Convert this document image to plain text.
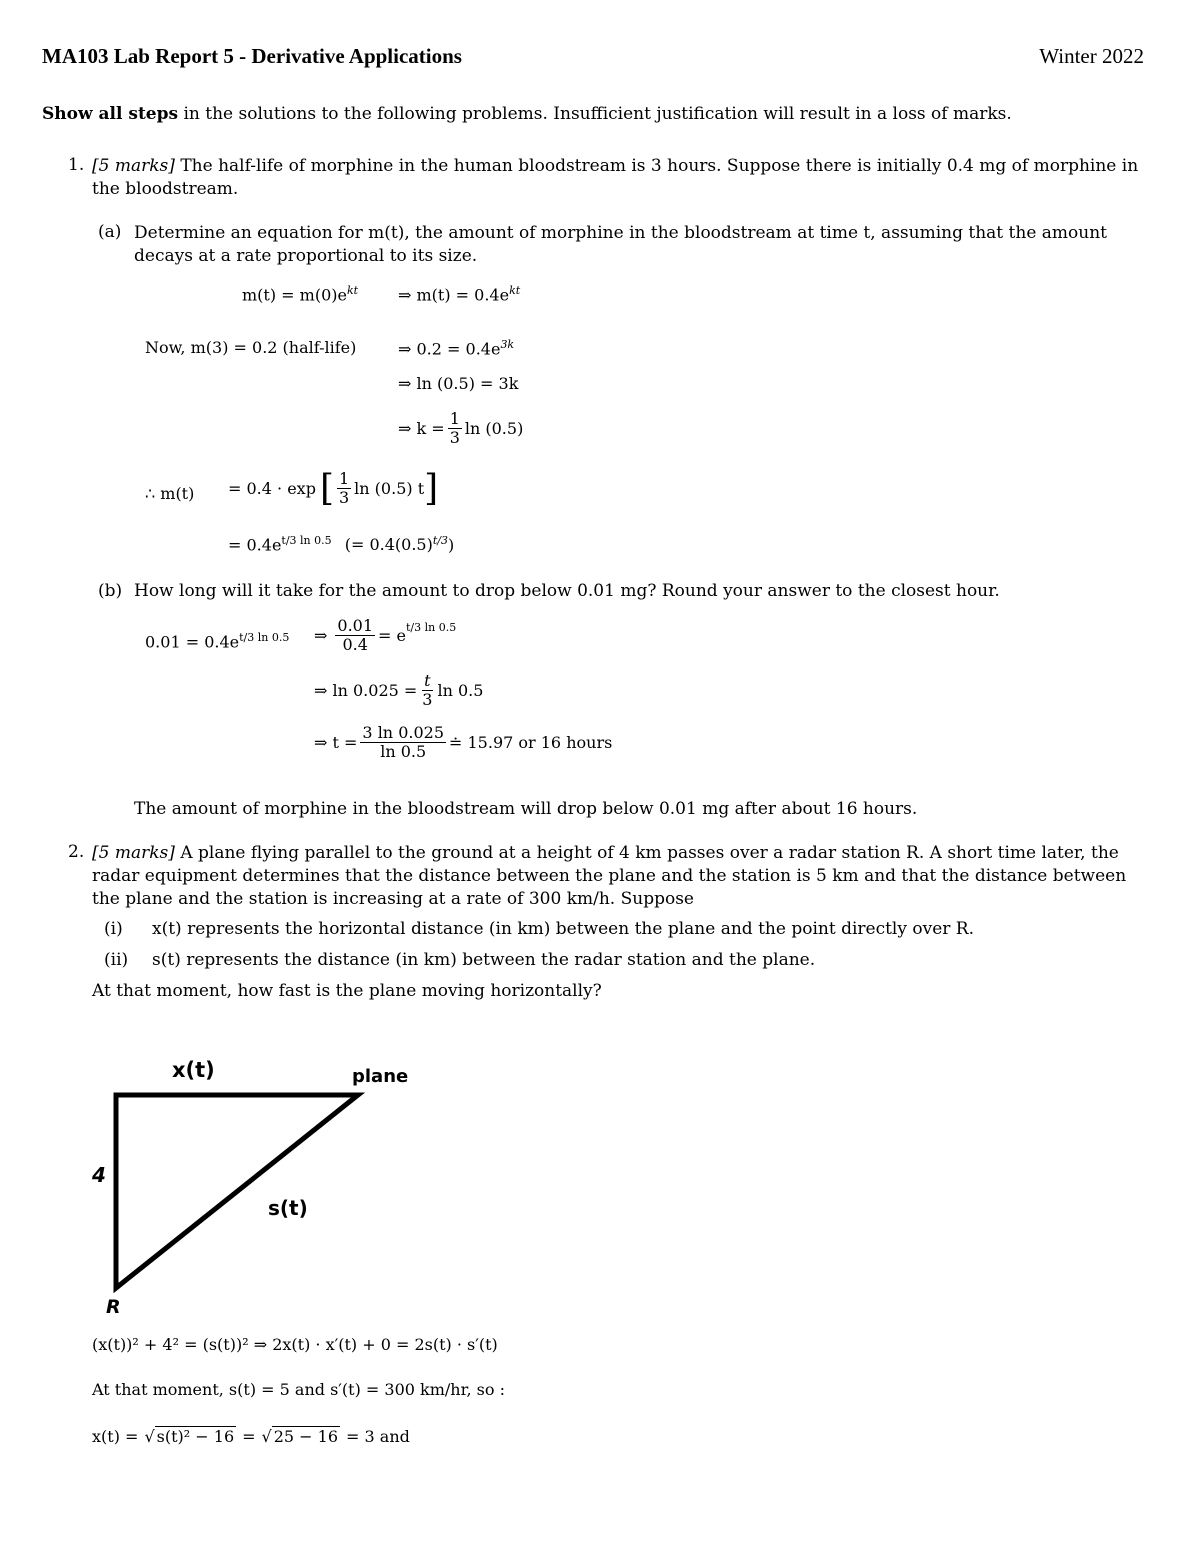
MA103 Lab Report 5 - Derivative Applications	Winter 2022
Show all steps in the solutions to the following problems. Insufficient justification will result in a loss of marks.
1. [5 marks] The half-life of morphine in the human bloodstream is 3 hours. Suppose there is initially 0.4 mg of morphine in the bloodstream.
(a) Determine an equation for m(t), the amount of morphine in the bloodstream at time t, assuming that the amount decays at a rate proportional to its size.
$m(t) = m(0)e^{kt}$ ⇒ $m(t) = 0.4e^{kt}$
Now, m(3) = 0.2 (half-life)	⇒ $0.2 = 0.4e^{3k}$
⇒ ln (0.5) = 3k
⇒ $k = \frac{1}{3}$ ln (0.5)
∴ m(t) = 0.4 · exp [ $\frac{1}{3}$ ln (0.5) t ]
= $0.4e^{t/3 ln 0.5}$ (= $0.4(0.5)^{t/3}$)
(b) How long will it take for the amount to drop below 0.01 mg? Round your answer to the closest hour.
$0.01 = 0.4e^{t/3 ln 0.5}$ ⇒ $\frac{0.01}{0.4} = e^{t/3 ln 0.5}$
⇒ $\ln 0.025 = \frac{t}{3}$ ln 0.5
⇒ $t = \frac{3 \ln 0.025}{\ln 0.5}$ ≐ 15.97 or 16 hours
The amount of morphine in the bloodstream will drop below 0.01 mg after about 16 hours.
2. [5 marks] A plane flying parallel to the ground at a height of 4 km passes over a radar station R. A short time later, the radar equipment determines that the distance between the plane and the station is 5 km and that the distance between the plane and the station is increasing at a rate of 300 km/h. Suppose
(i) x(t) represents the horizontal distance (in km) between the plane and the point directly over R.
(ii) s(t) represents the distance (in km) between the radar station and the plane.
At that moment, how fast is the plane moving horizontally?
x(t)	plane
4
s(t)
R
(x(t))² + 4² = (s(t))² ⇒ 2x(t) · x′(t) + 0 = 2s(t) · s′(t)
At that moment, s(t) = 5 and s′(t) = 300 km/hr, so :
x(t) = √ s(t)² − 16 = √ 25 − 16 = 3 and
